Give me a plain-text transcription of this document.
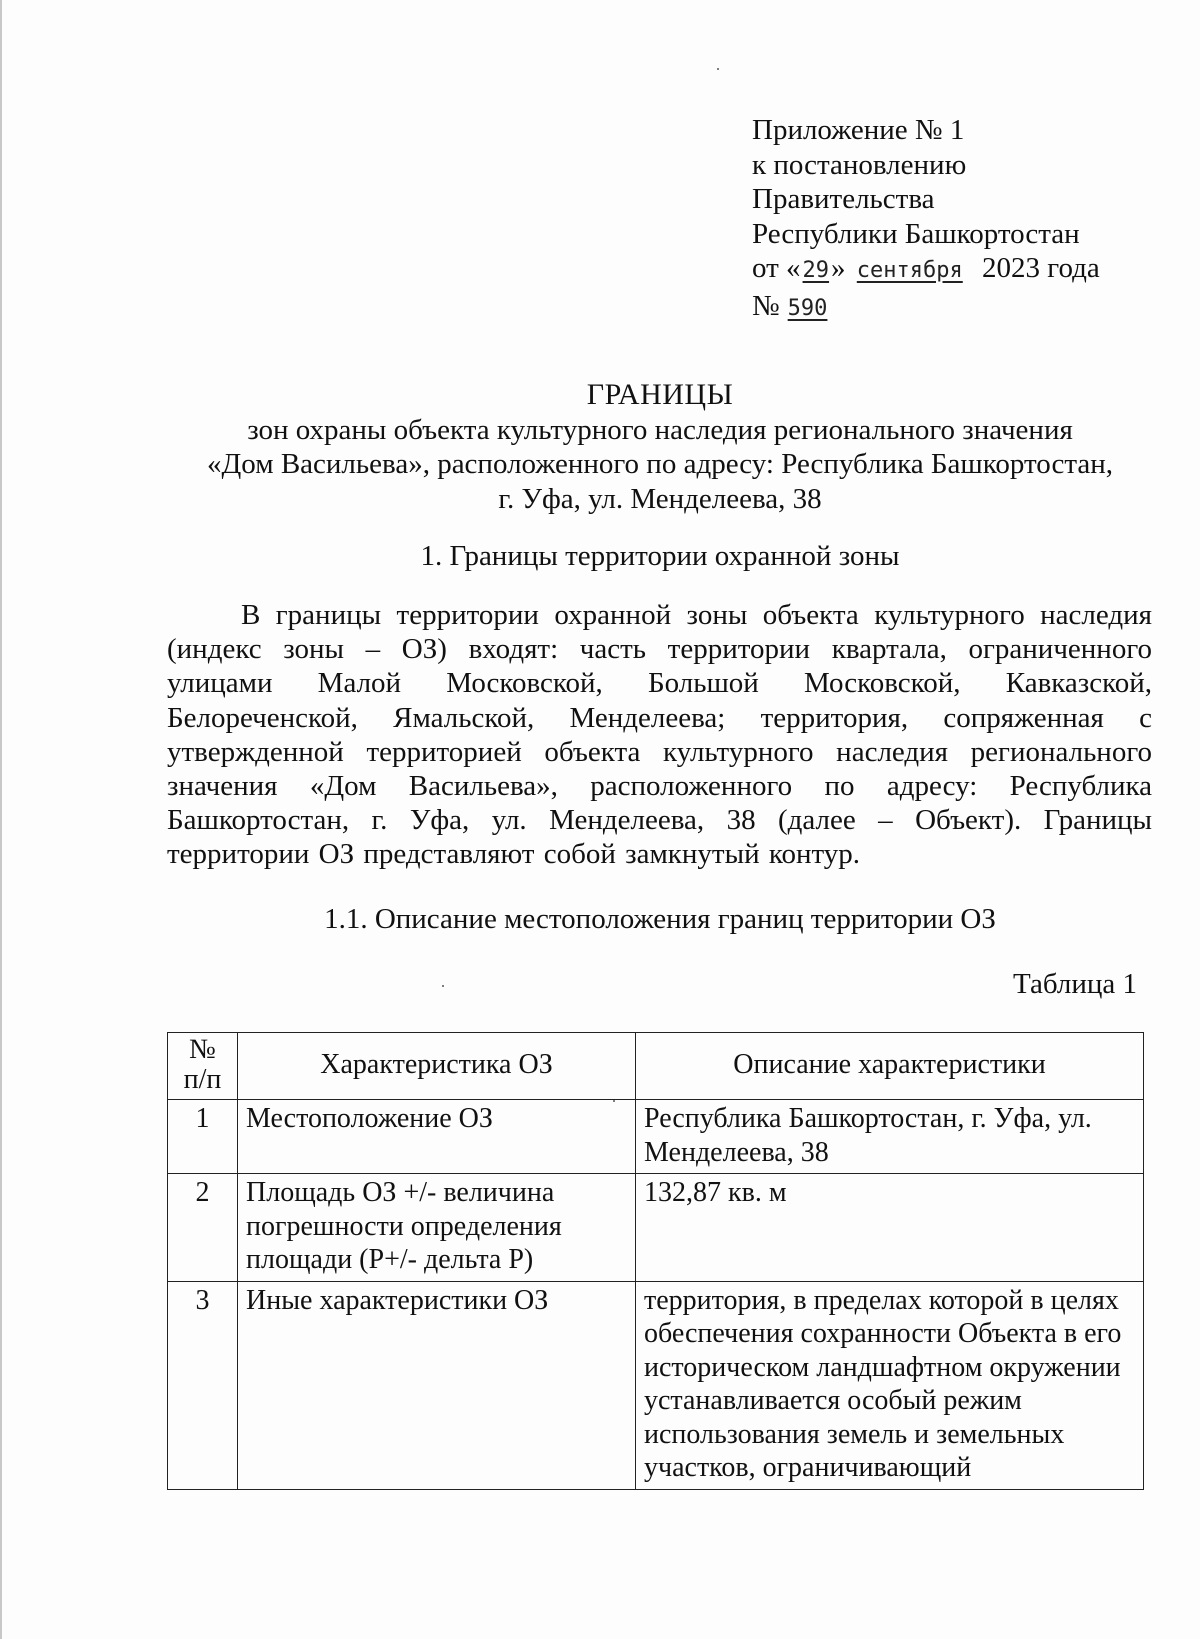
Приложение № 1
к постановлению
Правительства
Республики Башкортостан
от «29» сентября 2023 года
№ 590
ГРАНИЦЫ
зон охраны объекта культурного наследия регионального значения
«Дом Васильева», расположенного по адресу: Республика Башкортостан,
г. Уфа, ул. Менделеева, 38
1. Границы территории охранной зоны
В границы территории охранной зоны объекта культурного наследия (индекс зоны – ОЗ) входят: часть территории квартала, ограниченного улицами Малой Московской, Большой Московской, Кавказской, Белореченской, Ямальской, Менделеева; территория, сопряженная с утвержденной территорией объекта культурного наследия регионального значения «Дом Васильева», расположенного по адресу: Республика Башкортостан, г. Уфа, ул. Менделеева, 38 (далее – Объект). Границы территории ОЗ представляют собой замкнутый контур.
1.1. Описание местоположения границ территории ОЗ
Таблица 1
№
п/п	Характеристика ОЗ	Описание характеристики
1	Местоположение ОЗ	Республика Башкортостан, г. Уфа, ул. Менделеева, 38
2	Площадь ОЗ +/- величина погрешности определения площади (Р+/- дельта Р)	132,87 кв. м
3	Иные характеристики ОЗ	территория, в пределах которой в целях обеспечения сохранности Объекта в его историческом ландшафтном окружении устанавливается особый режим использования земель и земельных участков, ограничивающий
